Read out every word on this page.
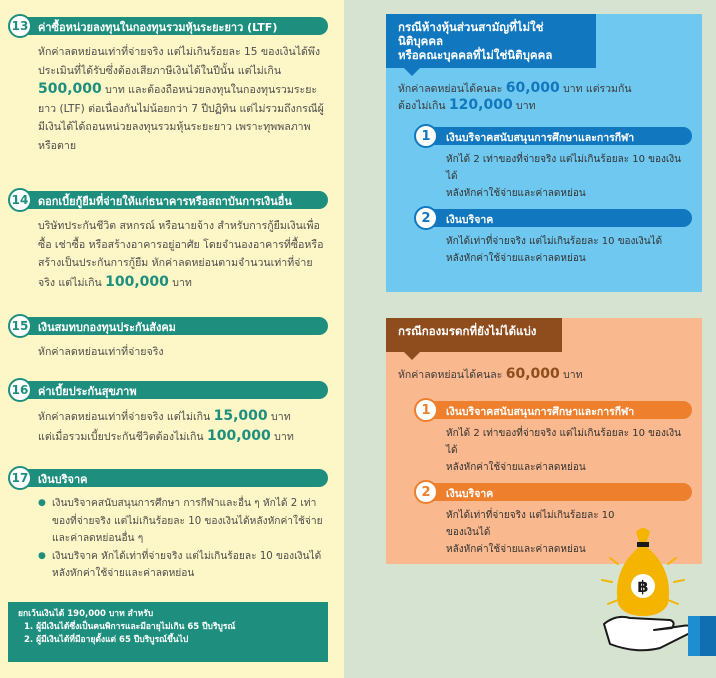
13 ค่าซื้อหน่วยลงทุนในกองทุนรวมหุ้นระยะยาว (LTF)
หักค่าลดหย่อนเท่าที่จ่ายจริง แต่ไม่เกินร้อยละ 15 ของเงินได้พึงประเมินที่ได้รับซึ่งต้องเสียภาษีเงินได้ในปีนั้น แต่ไม่เกิน 500,000 บาท และต้องถือหน่วยลงทุนในกองทุนรวมระยะยาว (LTF) ต่อเนื่องกันไม่น้อยกว่า 7 ปีปฏิทิน แต่ไม่รวมถึงกรณีผู้มีเงินได้ได้ถอนหน่วยลงทุนรวมหุ้นระยะยาว เพราะทุพพลภาพหรือตาย
14 ดอกเบี้ยกู้ยืมที่จ่ายให้แก่ธนาคารหรือสถาบันการเงินอื่น
บริษัทประกันชีวิต สหกรณ์ หรือนายจ้าง สำหรับการกู้ยืมเงินเพื่อซื้อ เช่าซื้อ หรือสร้างอาคารอยู่อาศัย โดยจำนองอาคารที่ซื้อหรือสร้างเป็นประกันการกู้ยืม หักค่าลดหย่อนตามจำนวนเท่าที่จ่ายจริง แต่ไม่เกิน 100,000 บาท
15 เงินสมทบกองทุนประกันสังคม
หักค่าลดหย่อนเท่าที่จ่ายจริง
16 ค่าเบี้ยประกันสุขภาพ
หักค่าลดหย่อนเท่าที่จ่ายจริง แต่ไม่เกิน 15,000 บาท
แต่เมื่อรวมเบี้ยประกันชีวิตต้องไม่เกิน 100,000 บาท
17 เงินบริจาค
● เงินบริจาคสนับสนุนการศึกษา การกีฬาและอื่น ๆ หักได้ 2 เท่าของที่จ่ายจริง แต่ไม่เกินร้อยละ 10 ของเงินได้หลังหักค่าใช้จ่ายและค่าลดหย่อนอื่น ๆ
● เงินบริจาค หักได้เท่าที่จ่ายจริง แต่ไม่เกินร้อยละ 10 ของเงินได้หลังหักค่าใช้จ่ายและค่าลดหย่อน
ยกเว้นเงินได้ 190,000 บาท สำหรับ
1. ผู้มีเงินได้ซึ่งเป็นคนพิการและมีอายุไม่เกิน 65 ปีบริบูรณ์
2. ผู้มีเงินได้ที่มีอายุตั้งแต่ 65 ปีบริบูรณ์ขึ้นไป
กรณีห้างหุ้นส่วนสามัญที่ไม่ใช่นิติบุคคล
หรือคณะบุคคลที่ไม่ใช่นิติบุคคล
หักค่าลดหย่อนได้คนละ 60,000 บาท แต่รวมกัน
ต้องไม่เกิน 120,000 บาท
1	เงินบริจาคสนับสนุนการศึกษาและการกีฬา
หักได้ 2 เท่าของที่จ่ายจริง แต่ไม่เกินร้อยละ 10 ของเงินได้
หลังหักค่าใช้จ่ายและค่าลดหย่อน
2	เงินบริจาค
หักได้เท่าที่จ่ายจริง แต่ไม่เกินร้อยละ 10 ของเงินได้
หลังหักค่าใช้จ่ายและค่าลดหย่อน
กรณีกองมรดกที่ยังไม่ได้แบ่ง
หักค่าลดหย่อนได้คนละ 60,000 บาท
1	เงินบริจาคสนับสนุนการศึกษาและการกีฬา
หักได้ 2 เท่าของที่จ่ายจริง แต่ไม่เกินร้อยละ 10 ของเงินได้
หลังหักค่าใช้จ่ายและค่าลดหย่อน
2	เงินบริจาค
หักได้เท่าที่จ่ายจริง แต่ไม่เกินร้อยละ 10 ของเงินได้
หลังหักค่าใช้จ่ายและค่าลดหย่อน
฿
